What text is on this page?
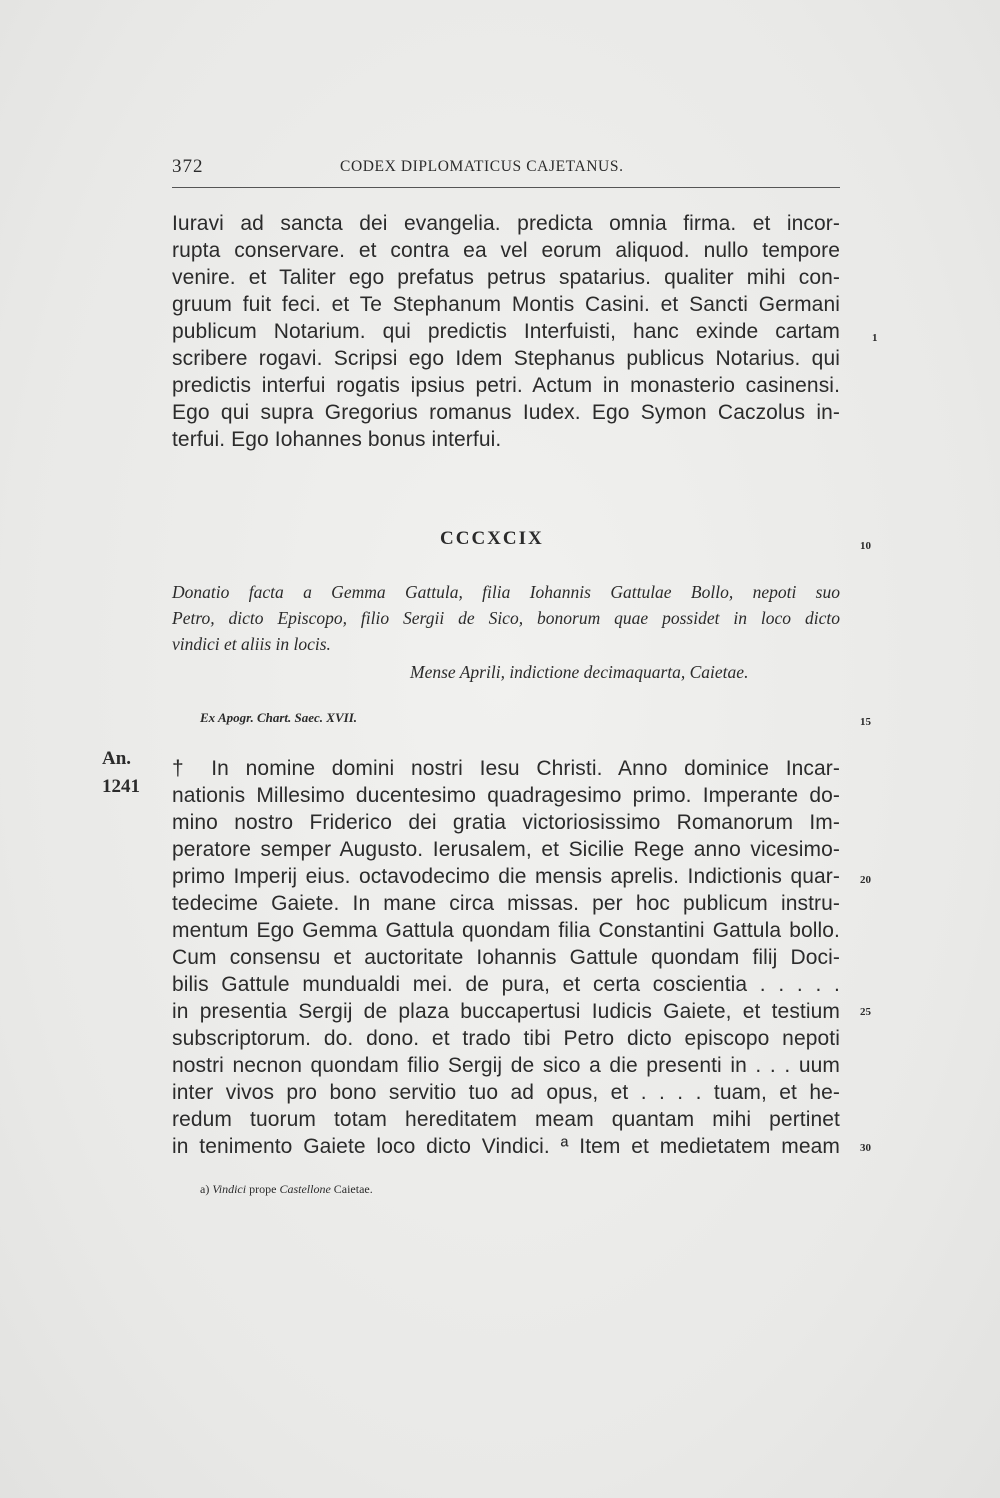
372	CODEX DIPLOMATICUS CAJETANUS.
Iuravi ad sancta dei evangelia. predicta omnia firma. et incor-
rupta conservare. et contra ea vel eorum aliquod. nullo tempore
venire. et Taliter ego prefatus petrus spatarius. qualiter mihi con-
gruum fuit feci. et Te Stephanum Montis Casini. et Sancti Germani
publicum Notarium. qui predictis Interfuisti, hanc exinde cartam
scribere rogavi. Scripsi ego Idem Stephanus publicus Notarius. qui
predictis interfui rogatis ipsius petri. Actum in monasterio casinensi.
Ego qui supra Gregorius romanus Iudex. Ego Symon Caczolus in-
terfui. Ego Iohannes bonus interfui.
CCCXCIX
Donatio facta a Gemma Gattula, filia Iohannis Gattulae Bollo, nepoti suo
Petro, dicto Episcopo, filio Sergii de Sico, bonorum quae possidet in loco dicto
vindici et aliis in locis.
Mense Aprili, indictione decimaquarta, Caietae.
Ex Apogr. Chart. Saec. XVII.
An.
1241
† In nomine domini nostri Iesu Christi. Anno dominice Incar-
nationis Millesimo ducentesimo quadragesimo primo. Imperante do-
mino nostro Friderico dei gratia victoriosissimo Romanorum Im-
peratore semper Augusto. Ierusalem, et Sicilie Rege anno vicesimo-
primo Imperij eius. octavodecimo die mensis aprelis. Indictionis quar-
tedecime Gaiete. In mane circa missas. per hoc publicum instru-
mentum Ego Gemma Gattula quondam filia Constantini Gattula bollo.
Cum consensu et auctoritate Iohannis Gattule quondam filij Doci-
bilis Gattule mundualdi mei. de pura, et certa coscientia . . . . .
in presentia Sergij de plaza buccapertusi Iudicis Gaiete, et testium
subscriptorum. do. dono. et trado tibi Petro dicto episcopo nepoti
nostri necnon quondam filio Sergij de sico a die presenti in . . . uum
inter vivos pro bono servitio tuo ad opus, et . . . . tuam, et he-
redum tuorum totam hereditatem meam quantam mihi pertinet
in tenimento Gaiete loco dicto Vindici. ª Item et medietatem meam
1
10
15
20
25
30
a) Vindici prope Castellone Caietae.
